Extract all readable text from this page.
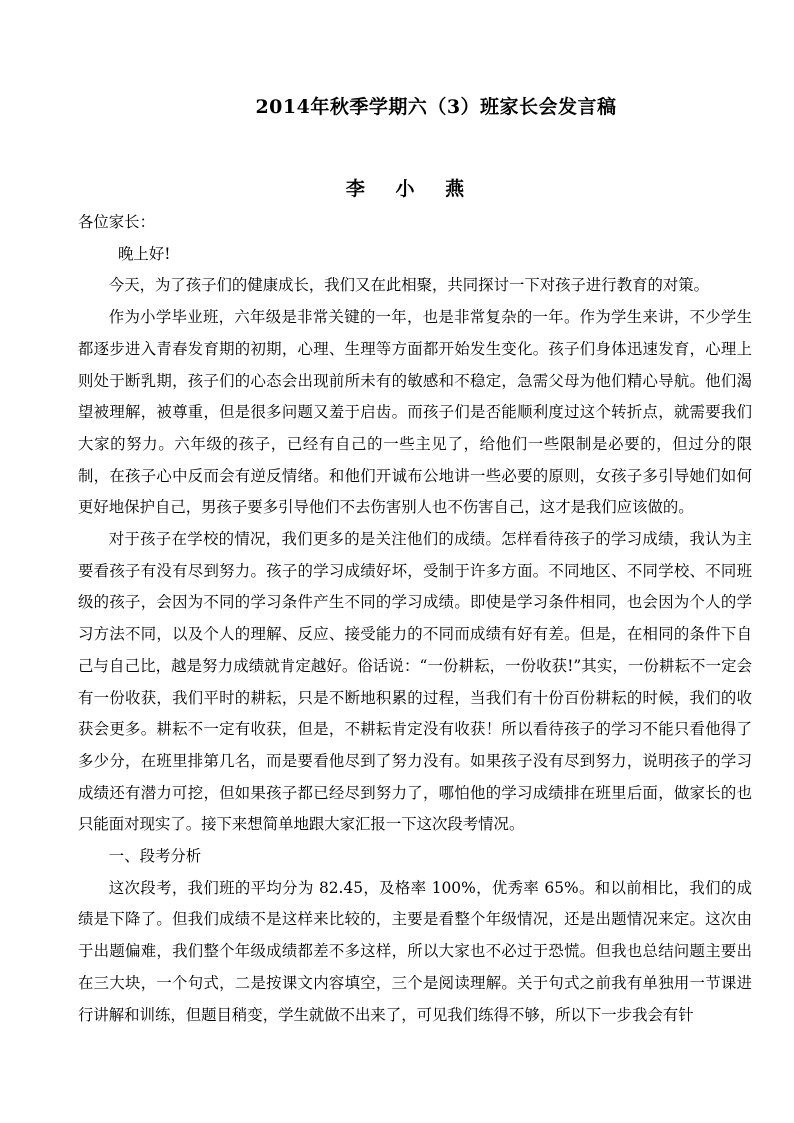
2014年秋季学期六（3）班家长会发言稿
李 小 燕

各位家长：

晚上好!

今天，为了孩子们的健康成长，我们又在此相聚，共同探讨一下对孩子进行教育的对策。

作为小学毕业班，六年级是非常关键的一年，也是非常复杂的一年。作为学生来讲，不少学生都逐步进入青春发育期的初期，心理、生理等方面都开始发生变化。孩子们身体迅速发育，心理上则处于断乳期，孩子们的心态会出现前所未有的敏感和不稳定，急需父母为他们精心导航。他们渴望被理解，被尊重，但是很多问题又羞于启齿。而孩子们是否能顺利度过这个转折点，就需要我们大家的努力。六年级的孩子，已经有自己的一些主见了，给他们一些限制是必要的，但过分的限制，在孩子心中反而会有逆反情绪。和他们开诚布公地讲一些必要的原则，女孩子多引导她们如何更好地保护自己，男孩子要多引导他们不去伤害别人也不伤害自己，这才是我们应该做的。

对于孩子在学校的情况，我们更多的是关注他们的成绩。怎样看待孩子的学习成绩，我认为主要看孩子有没有尽到努力。孩子的学习成绩好坏，受制于许多方面。不同地区、不同学校、不同班级的孩子，会因为不同的学习条件产生不同的学习成绩。即使是学习条件相同，也会因为个人的学习方法不同，以及个人的理解、反应、接受能力的不同而成绩有好有差。但是，在相同的条件下自己与自己比，越是努力成绩就肯定越好。俗话说：“一份耕耘，一份收获!”其实，一份耕耘不一定会有一份收获，我们平时的耕耘，只是不断地积累的过程，当我们有十份百份耕耘的时候，我们的收获会更多。耕耘不一定有收获，但是，不耕耘肯定没有收获！所以看待孩子的学习不能只看他得了多少分，在班里排第几名，而是要看他尽到了努力没有。如果孩子没有尽到努力，说明孩子的学习成绩还有潜力可挖，但如果孩子都已经尽到努力了，哪怕他的学习成绩排在班里后面，做家长的也只能面对现实了。接下来想简单地跟大家汇报一下这次段考情况。

一、段考分析

这次段考，我们班的平均分为 82.45，及格率 100%，优秀率 65%。和以前相比，我们的成绩是下降了。但我们成绩不是这样来比较的，主要是看整个年级情况，还是出题情况来定。这次由于出题偏难，我们整个年级成绩都差不多这样，所以大家也不必过于恐慌。但我也总结问题主要出在三大块，一个句式，二是按课文内容填空，三个是阅读理解。关于句式之前我有单独用一节课进行讲解和训练，但题目稍变，学生就做不出来了，可见我们练得不够，所以下一步我会有针
